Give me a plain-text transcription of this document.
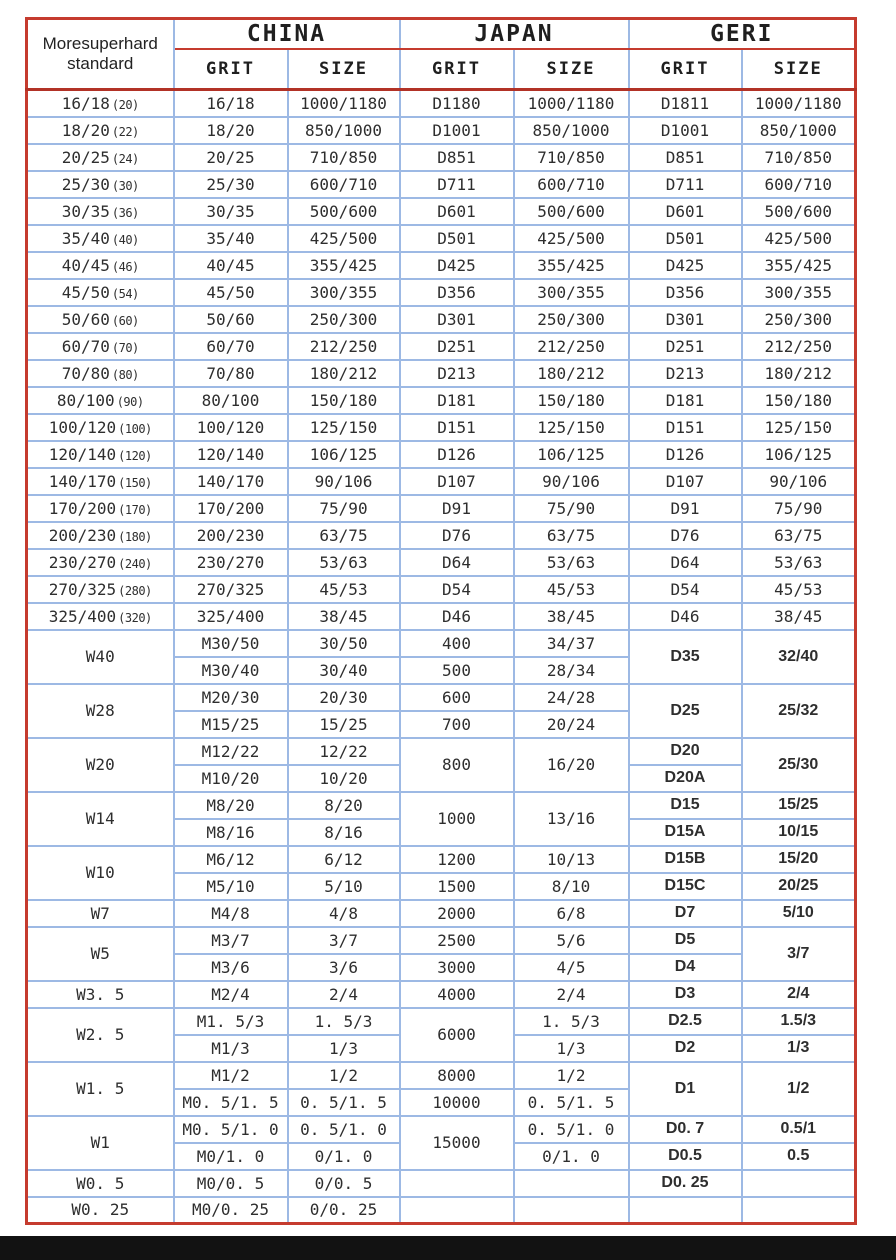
Moresuperhard standard	CHINA		JAPAN		GERI	
	GRIT	SIZE	GRIT	SIZE	GRIT	SIZE
16/18 (20)	16/18	1000/1180	D1180	1000/1180	D1811	1000/1180
18/20 (22)	18/20	850/1000	D1001	850/1000	D1001	850/1000
20/25 (24)	20/25	710/850	D851	710/850	D851	710/850
25/30 (30)	25/30	600/710	D711	600/710	D711	600/710
30/35 (36)	30/35	500/600	D601	500/600	D601	500/600
35/40 (40)	35/40	425/500	D501	425/500	D501	425/500
40/45 (46)	40/45	355/425	D425	355/425	D425	355/425
45/50 (54)	45/50	300/355	D356	300/355	D356	300/355
50/60 (60)	50/60	250/300	D301	250/300	D301	250/300
60/70 (70)	60/70	212/250	D251	212/250	D251	212/250
70/80 (80)	70/80	180/212	D213	180/212	D213	180/212
80/100 (90)	80/100	150/180	D181	150/180	D181	150/180
100/120 (100)	100/120	125/150	D151	125/150	D151	125/150
120/140 (120)	120/140	106/125	D126	106/125	D126	106/125
140/170 (150)	140/170	90/106	D107	90/106	D107	90/106
170/200 (170)	170/200	75/90	D91	75/90	D91	75/90
200/230 (180)	200/230	63/75	D76	63/75	D76	63/75
230/270 (240)	230/270	53/63	D64	53/63	D64	53/63
270/325 (280)	270/325	45/53	D54	45/53	D54	45/53
325/400 (320)	325/400	38/45	D46	38/45	D46	38/45
W40	M30/50	30/50	400	34/37	D35	32/40
	M30/40	30/40	500	28/34		
W28	M20/30	20/30	600	24/28	D25	25/32
	M15/25	15/25	700	20/24		
W20	M12/22	12/22	800	16/20	D20	25/30
	M10/20	10/20			D20A	
W14	M8/20	8/20	1000	13/16	D15	15/25
	M8/16	8/16			D15A	10/15
W10	M6/12	6/12	1200	10/13	D15B	15/20
	M5/10	5/10	1500	8/10	D15C	20/25
W7	M4/8	4/8	2000	6/8	D7	5/10
W5	M3/7	3/7	2500	5/6	D5	3/7
	M3/6	3/6	3000	4/5	D4	
W3. 5	M2/4	2/4	4000	2/4	D3	2/4
W2. 5	M1. 5/3	1. 5/3	6000	1. 5/3	D2.5	1.5/3
	M1/3	1/3		1/3	D2	1/3
W1. 5	M1/2	1/2	8000	1/2	D1	1/2
	M0. 5/1. 5	0. 5/1. 5	10000	0. 5/1. 5		
W1	M0. 5/1. 0	0. 5/1. 0	15000	0. 5/1. 0	D0. 7	0.5/1
	M0/1. 0	0/1. 0		0/1. 0	D0.5	0.5
W0. 5	M0/0. 5	0/0. 5			D0. 25	
W0. 25	M0/0. 25	0/0. 25				
